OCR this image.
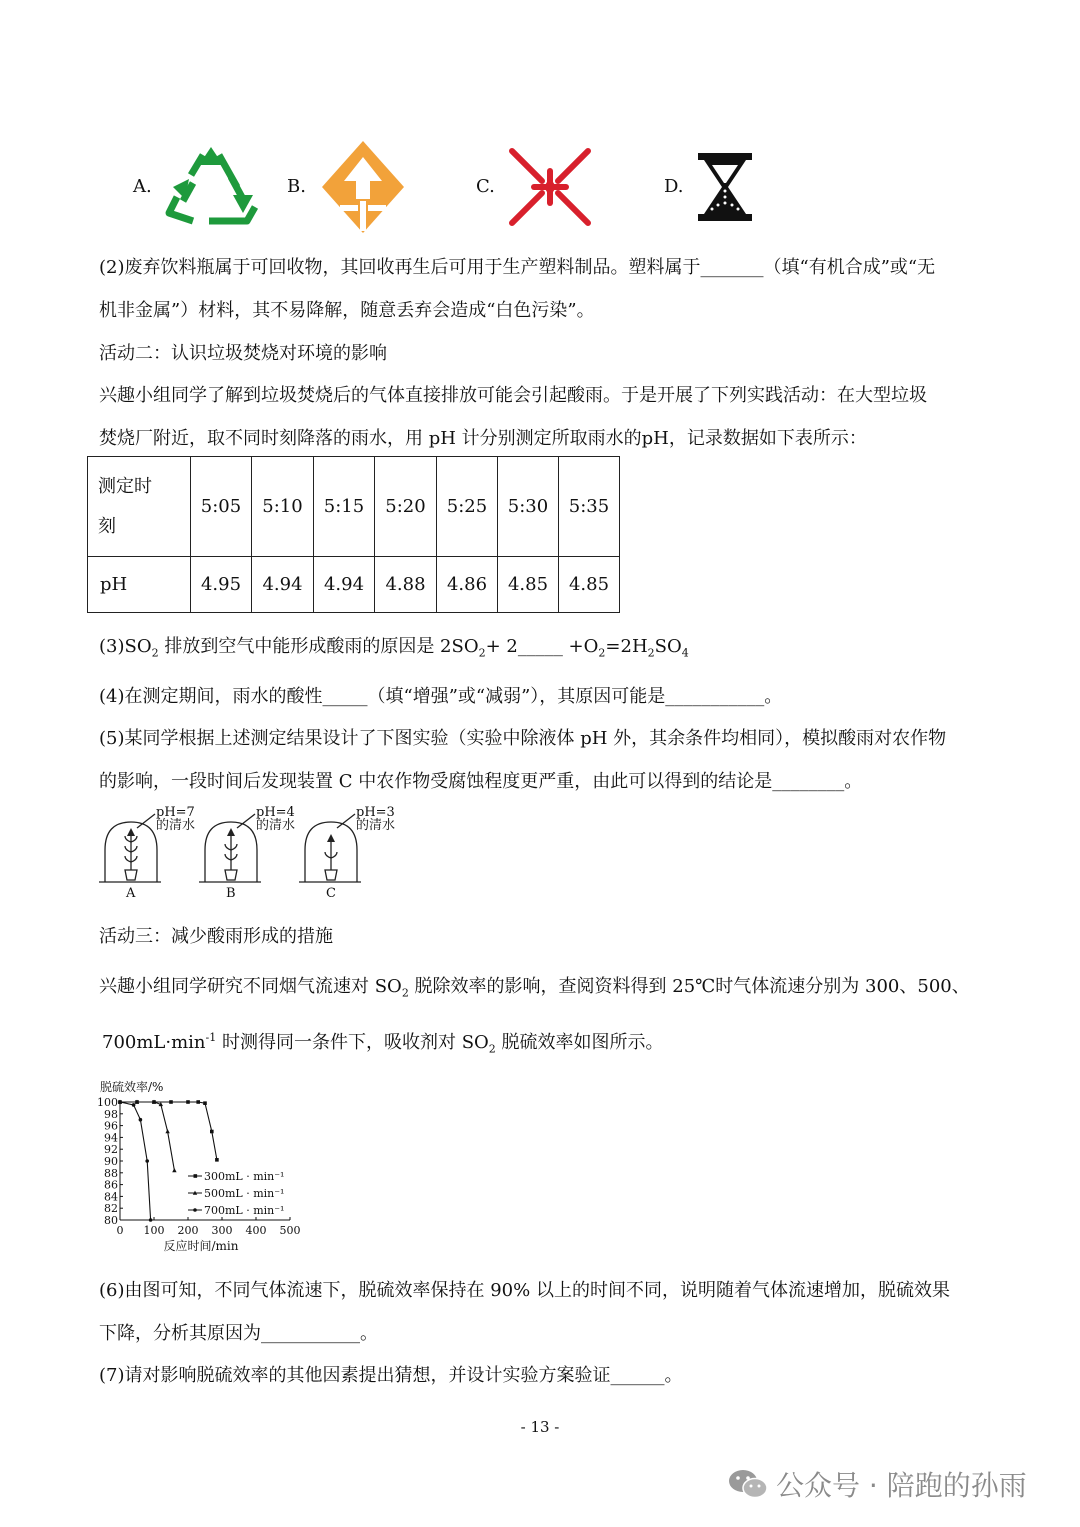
A.	B.	C.	D.
(2)废弃饮料瓶属于可回收物，其回收再生后可用于生产塑料制品。塑料属于_______（填“有机合成”或“无
机非金属”）材料，其不易降解，随意丢弃会造成“白色污染”。
活动二：认识垃圾焚烧对环境的影响
兴趣小组同学了解到垃圾焚烧后的气体直接排放可能会引起酸雨。于是开展了下列实践活动：在大型垃圾
焚烧厂附近，取不同时刻降落的雨水，用 pH 计分别测定所取雨水的pH，记录数据如下表所示：
测定时
刻	5:05	5:10	5:15	5:20	5:25	5:30	5:35
pH	4.95	4.94	4.94	4.88	4.86	4.85	4.85
$(3)SO_2$ 排放到空气中能形成酸雨的原因是 $2SO_2+$ 2_____ $+O_2=2H_2SO_4$
(4)在测定期间，雨水的酸性_____（填“增强”或“减弱”），其原因可能是___________。
(5)某同学根据上述测定结果设计了下图实验（实验中除液体 pH 外，其余条件均相同），模拟酸雨对农作物
的影响，一段时间后发现装置 C 中农作物受腐蚀程度更严重，由此可以得到的结论是________。
pH=7
的清水
pH=4
的清水
pH=3
的清水
A	B	C
活动三：减少酸雨形成的措施
兴趣小组同学研究不同烟气流速对 $SO_2$ 脱除效率的影响，查阅资料得到 25℃时气体流速分别为 300、500、
$700mL\cdot\min^{-1}$ 时测得同一条件下，吸收剂对 $SO_2$ 脱硫效率如图所示。
脱硫效率/%
100
98
96
94
92
90
88
86
84
82
80
0 100 200 300 400 500
反应时间/min
300mL · min⁻¹
500mL · min⁻¹
700mL · min⁻¹
(6)由图可知，不同气体流速下，脱硫效率保持在 90% 以上的时间不同，说明随着气体流速增加，脱硫效果
下降，分析其原因为___________。
(7)请对影响脱硫效率的其他因素提出猜想，并设计实验方案验证______。
- 13 -
公众号 · 陪跑的孙雨
